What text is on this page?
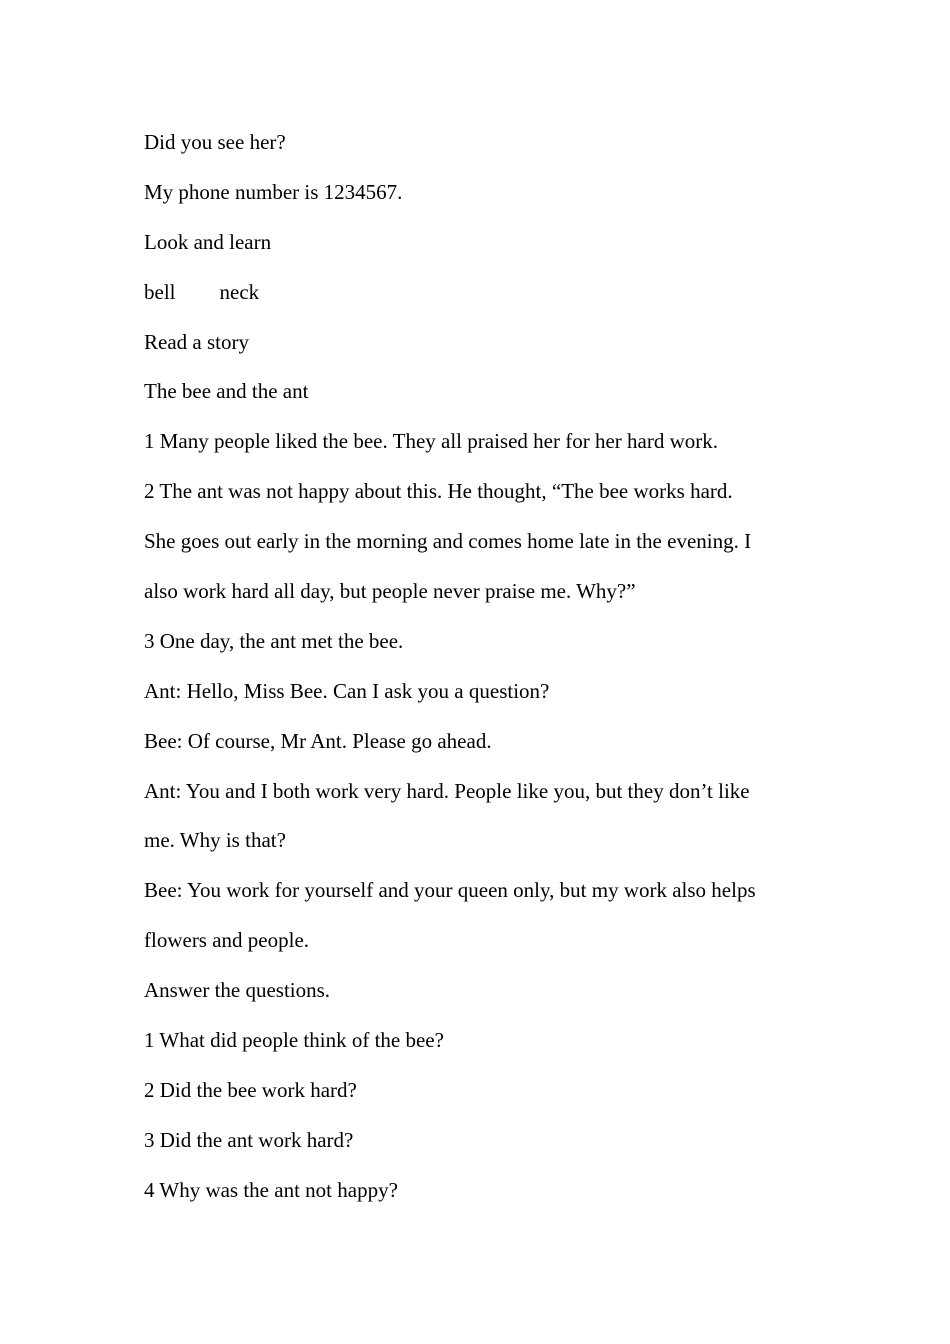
Did you see her?
My phone number is 1234567.
Look and learn
bell neck
Read a story
The bee and the ant
1 Many people liked the bee. They all praised her for her hard work.
2 The ant was not happy about this. He thought, “The bee works hard.
She goes out early in the morning and comes home late in the evening. I
also work hard all day, but people never praise me. Why?”
3 One day, the ant met the bee.
Ant: Hello, Miss Bee. Can I ask you a question?
Bee: Of course, Mr Ant. Please go ahead.
Ant: You and I both work very hard. People like you, but they don’t like
me. Why is that?
Bee: You work for yourself and your queen only, but my work also helps
flowers and people.
Answer the questions.
1 What did people think of the bee?
2 Did the bee work hard?
3 Did the ant work hard?
4 Why was the ant not happy?
